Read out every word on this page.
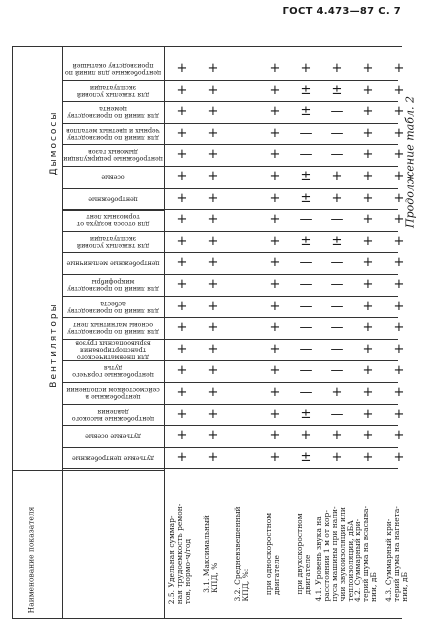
ГОСТ 4.473—87 С. 7
Продолжение табл. 2
Вентиляторы
Дымососы
центробежные для линий по производству окатышей
для тяжелых условий эксплуатации
для линий по производству цемента
для линий по производству черных и цветных металлов
центробежные рециркуляции дымовых газов
осевые
центробежные
для отсоса воздуха от тормозных лент
для тяжелых условий эксплуатации
центробежные мельничные
для линий по производству микрофибры
для линий по производству асбеста
для линий по производству основы магнитных лент
для пневматического транспортирования взрывоопасных грузов
центробежные горячего дутья
центробежные в сейсмостойком исполнении
центробежные высокого давления
дутьевые осевые
дутьевые центробежные
Наименование показателя	2.5. Удельная суммар-
ная трудоемкость ремон-
тов, нормо-ч/год
+
+
+
+
+
+
+
+
+
+
+
+
+
+
+
+
+
+
+
3.1. Максимальный
КПД, %
+
+
+
+
+
+
+
+
+
+
+
+
+
+
+
+
+
+
+
3.2. Средневзвешенный
КПД, %:
при односкоростном
двигателе
+
+
+
+
+
+
+
+
+
+
+
+
+
+
+
+
+
+
+
при двухскоростном
двигателе
+
±
±
—
—
±
±
—
±
—
—
—
—
—
—
—
±
+
±
4.1. Уровень звука на
расстоянии 1 м от кор-
пуса машины при нали-
чии звукоизоляции или
теплоизоляции, дБА
+
±
—
—
—
+
+
—
±
—
—
—
—
—
—
+
—
+
+
4.2. Суммарный кри-
терий шума на всасыва-
нии, дБ
+
+
+
+
+
+
+
+
+
+
+
+
+
+
+
+
+
+
+
4.3. Суммарный кри-
терий шума на нагнета-
нии, дБ
+
+
+
+
+
+
+
+
+
+
+
+
+
+
+
+
+
+
+
